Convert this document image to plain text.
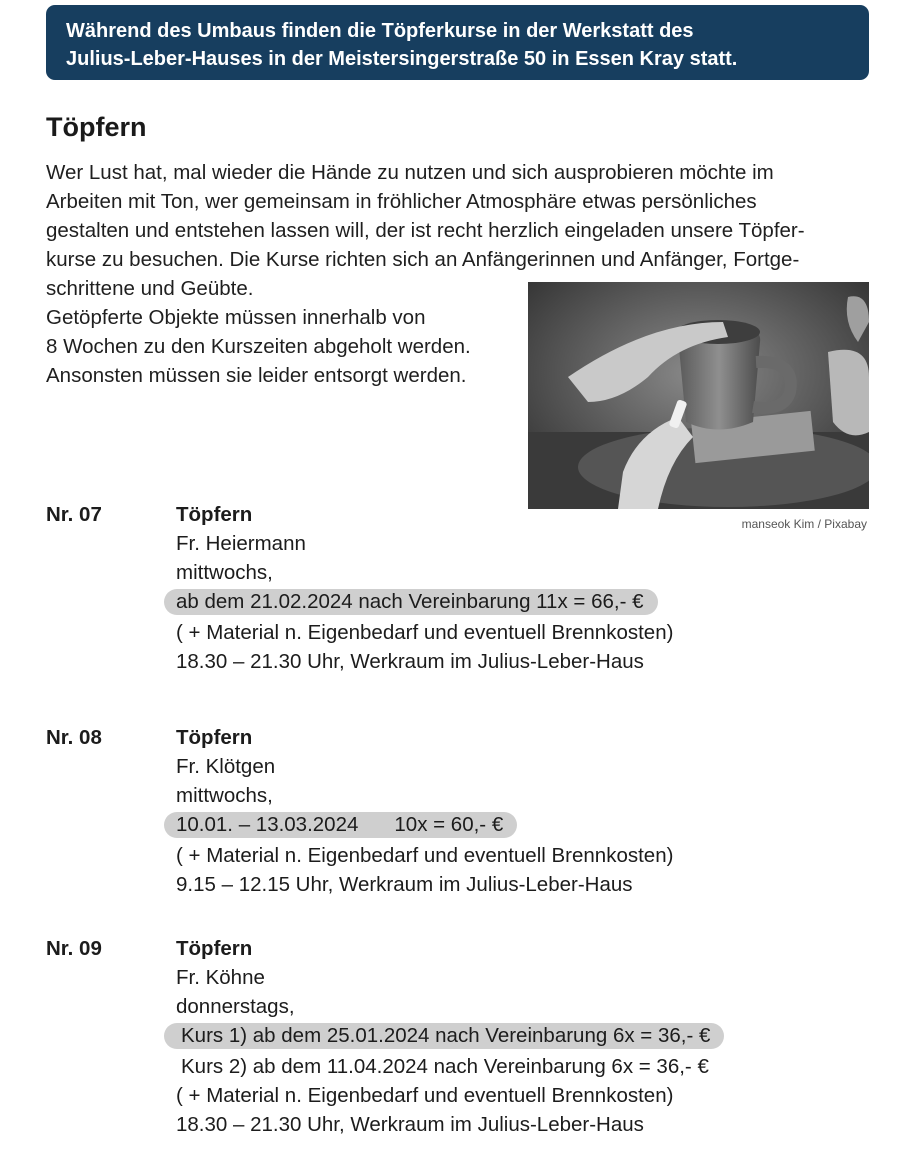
Während des Umbaus finden die Töpferkurse in der Werkstatt des
Julius-Leber-Hauses in der Meistersingerstraße 50 in Essen Kray statt.
Töpfern
Wer Lust hat, mal wieder die Hände zu nutzen und sich ausprobieren möchte im
Arbeiten mit Ton, wer gemeinsam in fröhlicher Atmosphäre etwas persönliches
gestalten und entstehen lassen will, der ist recht herzlich eingeladen unsere Töpfer-
kurse zu besuchen. Die Kurse richten sich an Anfängerinnen und Anfänger, Fortge-
schrittene und Geübte.
Getöpferte Objekte müssen innerhalb von
8 Wochen zu den Kurszeiten abgeholt werden.
Ansonsten müssen sie leider entsorgt werden.
manseok Kim / Pixabay
Nr. 07	Töpfern
Fr. Heiermann
mittwochs,
ab dem 21.02.2024 nach Vereinbarung 11x = 66,- €
( + Material n. Eigenbedarf und eventuell Brennkosten)
18.30 – 21.30 Uhr, Werkraum im Julius-Leber-Haus
Nr. 08	Töpfern
Fr. Klötgen
mittwochs,
10.01. – 13.03.2024 10x = 60,- €
( + Material n. Eigenbedarf und eventuell Brennkosten)
9.15 – 12.15 Uhr, Werkraum im Julius-Leber-Haus
Nr. 09	Töpfern
Fr. Köhne
donnerstags,
Kurs 1) ab dem 25.01.2024 nach Vereinbarung 6x = 36,- €
Kurs 2) ab dem 11.04.2024 nach Vereinbarung 6x = 36,- €
( + Material n. Eigenbedarf und eventuell Brennkosten)
18.30 – 21.30 Uhr, Werkraum im Julius-Leber-Haus
